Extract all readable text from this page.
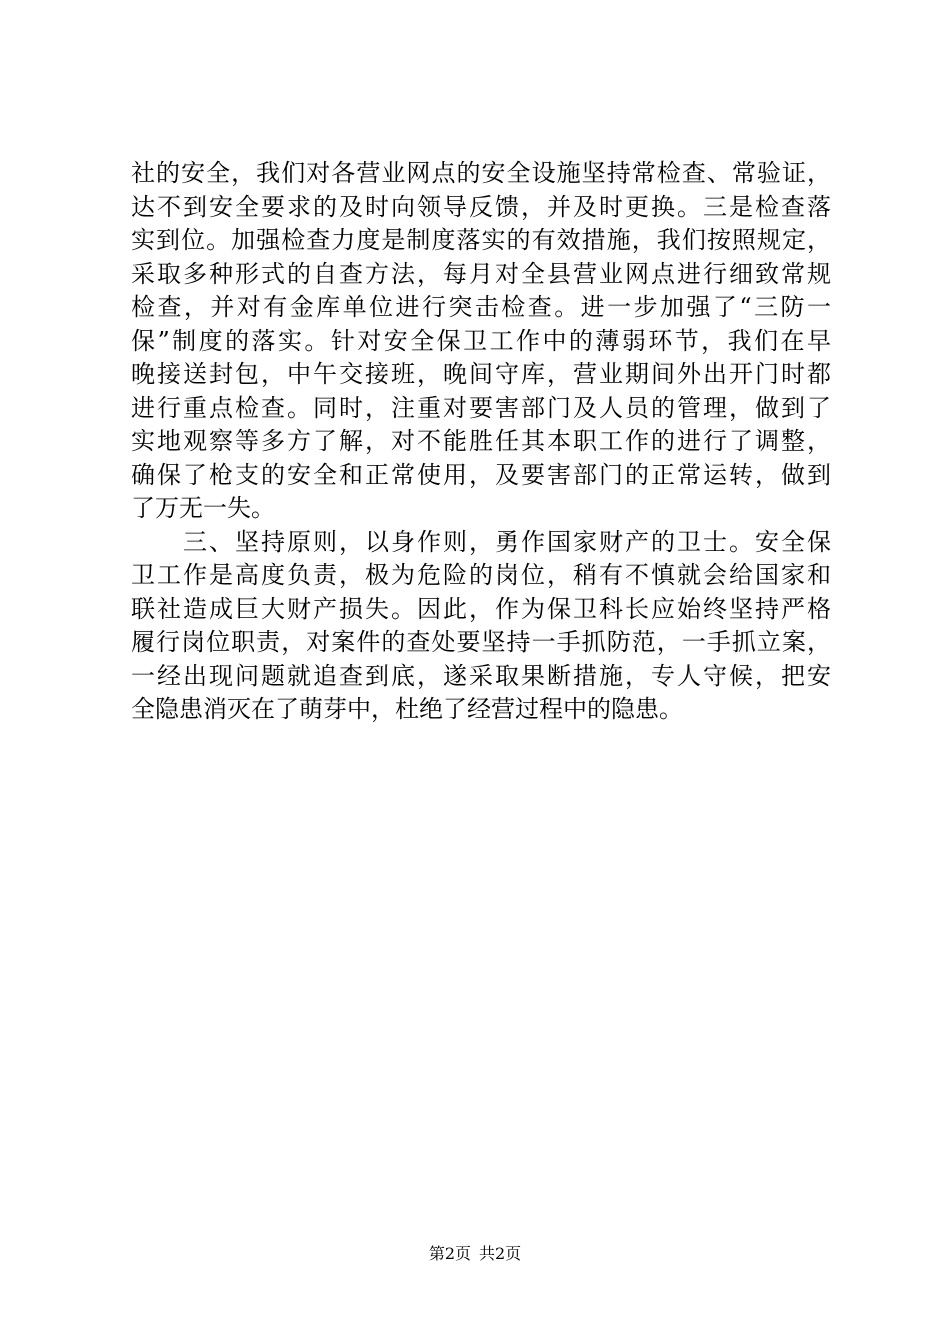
社的安全，我们对各营业网点的安全设施坚持常检查、常验证，
达不到安全要求的及时向领导反馈，并及时更换。三是检查落
实到位。加强检查力度是制度落实的有效措施，我们按照规定，
采取多种形式的自查方法，每月对全县营业网点进行细致常规
检查，并对有金库单位进行突击检查。进一步加强了“三防一
保”制度的落实。针对安全保卫工作中的薄弱环节，我们在早
晚接送封包，中午交接班，晚间守库，营业期间外出开门时都
进行重点检查。同时，注重对要害部门及人员的管理，做到了
实地观察等多方了解，对不能胜任其本职工作的进行了调整，
确保了枪支的安全和正常使用，及要害部门的正常运转，做到
了万无一失。
　　三、坚持原则，以身作则，勇作国家财产的卫士。安全保
卫工作是高度负责，极为危险的岗位，稍有不慎就会给国家和
联社造成巨大财产损失。因此，作为保卫科长应始终坚持严格
履行岗位职责，对案件的查处要坚持一手抓防范，一手抓立案，
一经出现问题就追查到底，遂采取果断措施，专人守候，把安
全隐患消灭在了萌芽中，杜绝了经营过程中的隐患。
第2页 共2页
